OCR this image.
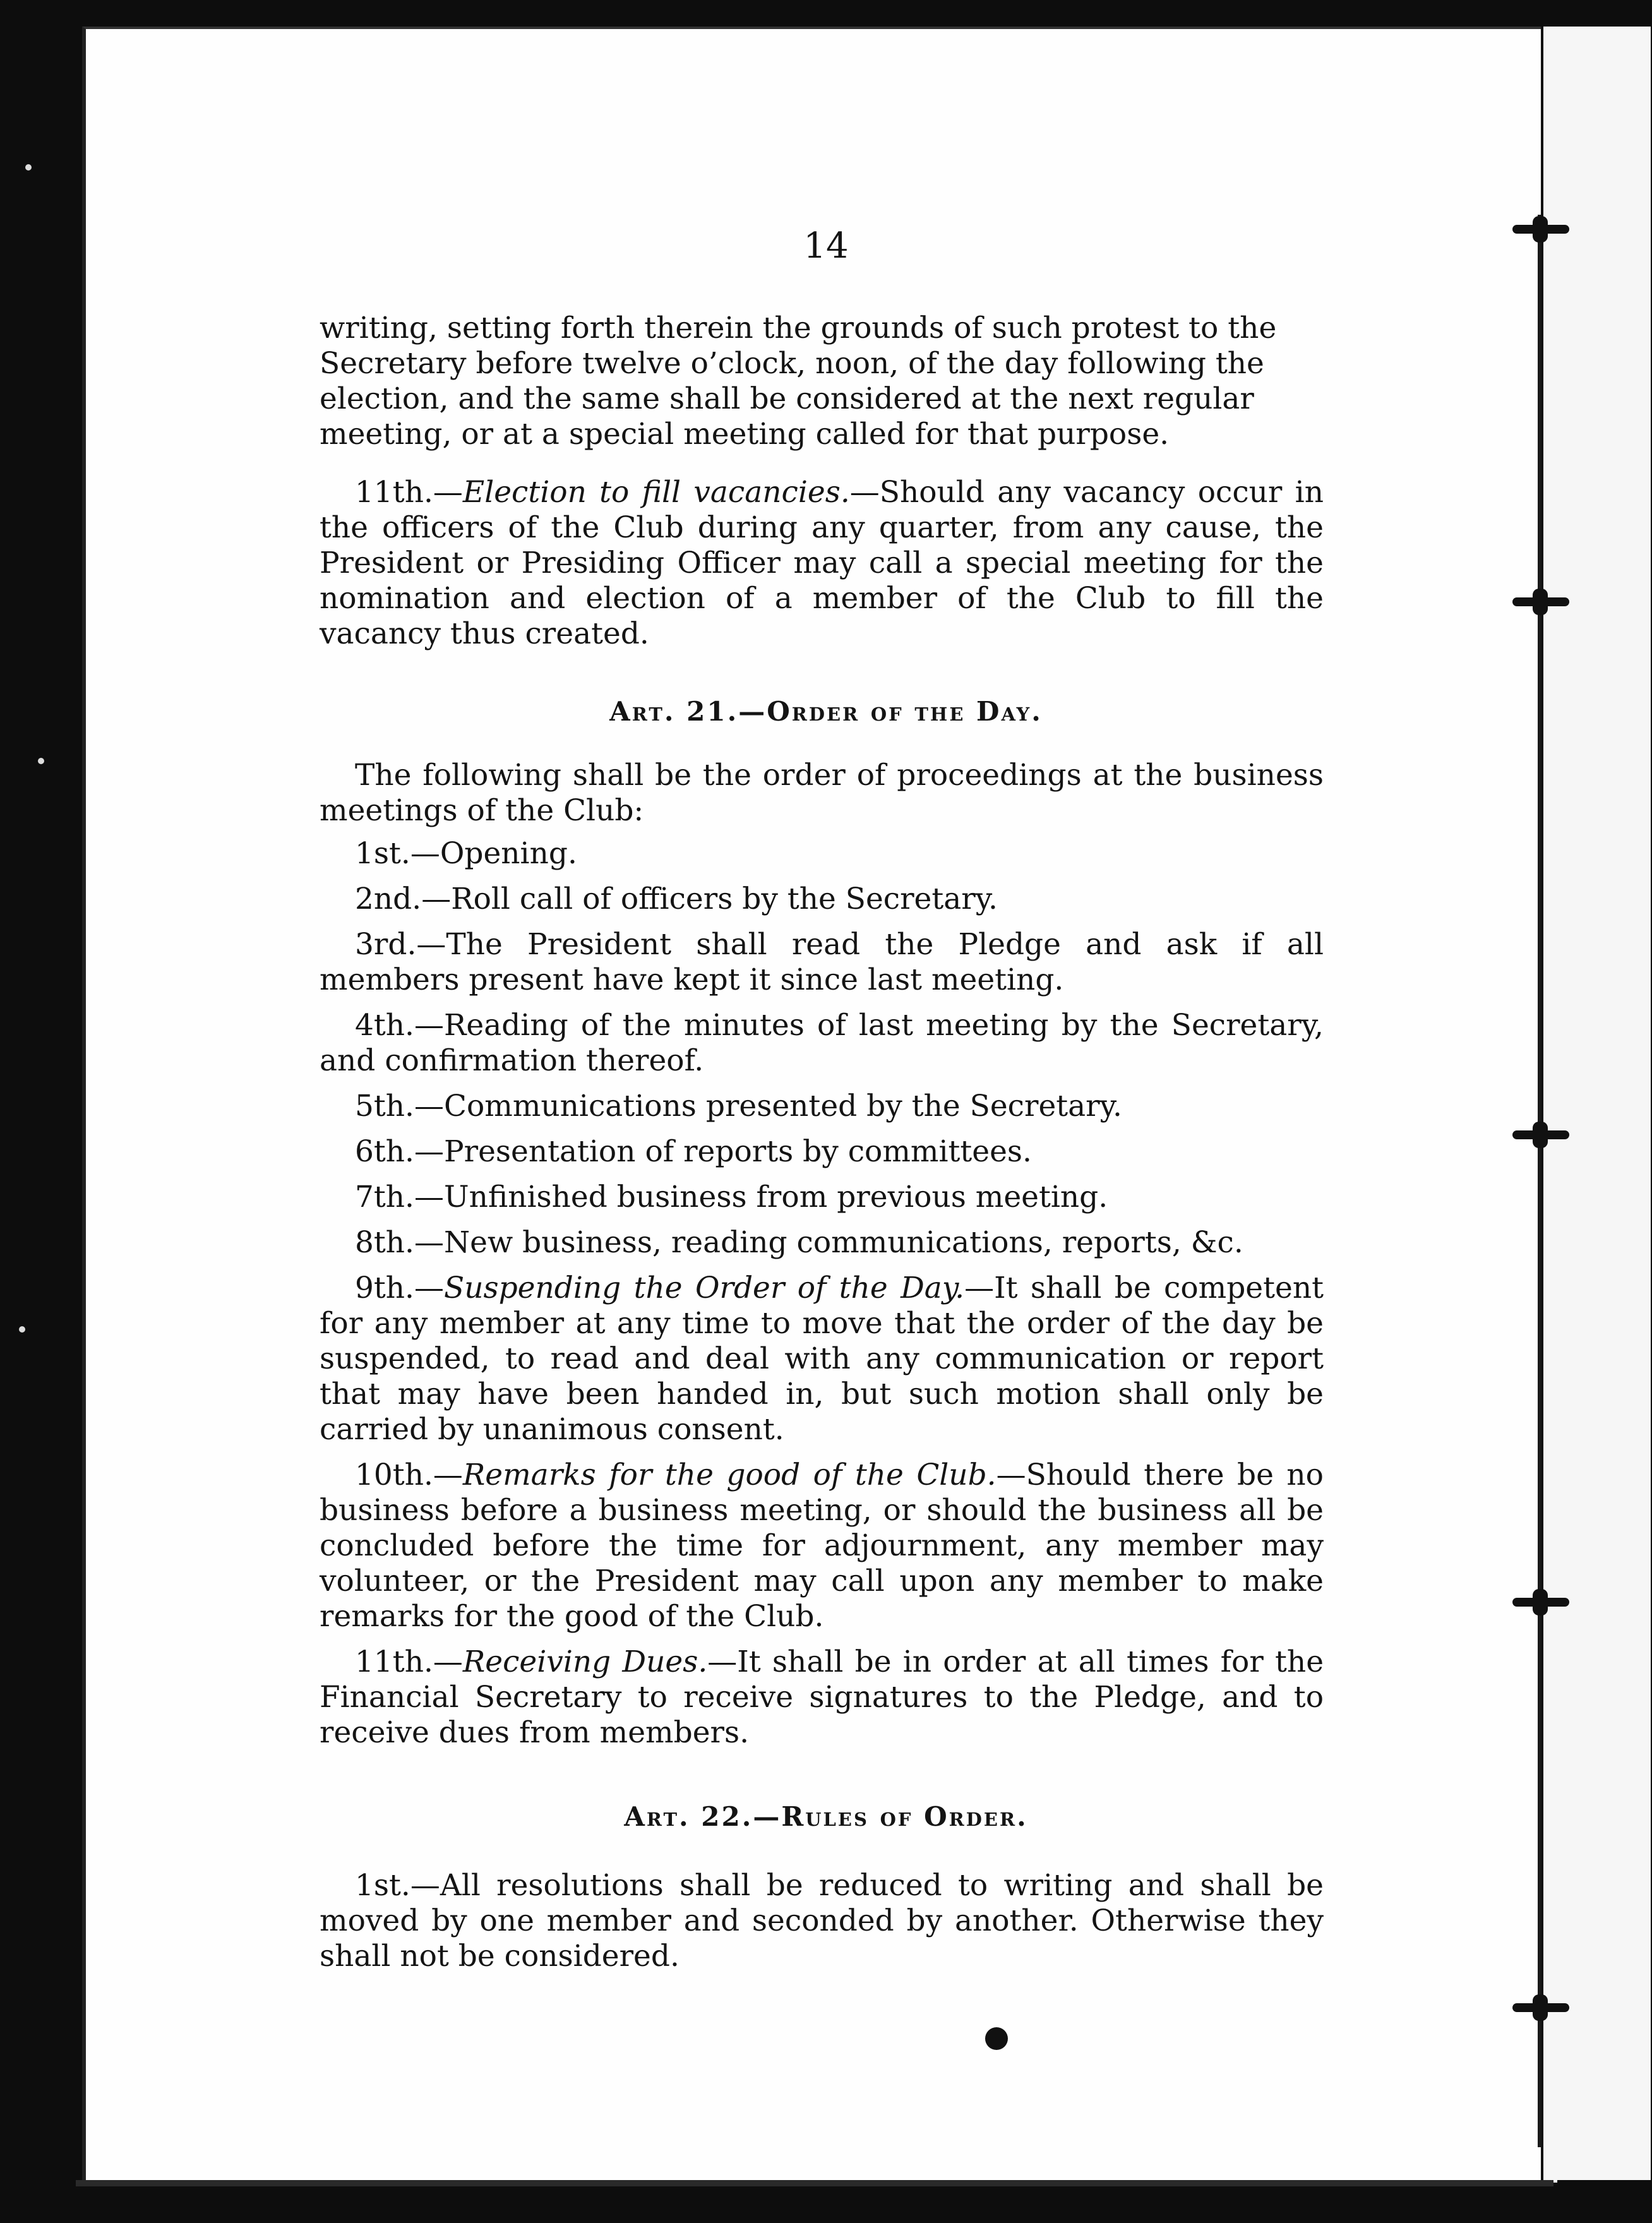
14

writing, setting forth therein the grounds of such protest to the

Secretary before twelve o’clock, noon, of the day following the

election, and the same shall be considered at the next regular

meeting, or at a special meeting called for that purpose.

11th.—Election to fill vacancies.—Should any vacancy occur in the officers of the Club during any quarter, from any cause, the President or Presiding Officer may call a special meeting for the nomination and election of a member of the Club to fill the vacancy thus created.

Art. 21.—Order of the Day.

The following shall be the order of proceedings at the business meetings of the Club:

1st.—Opening.

2nd.—Roll call of officers by the Secretary.

3rd.—The President shall read the Pledge and ask if all members present have kept it since last meeting.

4th.—Reading of the minutes of last meeting by the Secretary, and confirmation thereof.

5th.—Communications presented by the Secretary.

6th.—Presentation of reports by committees.

7th.—Unfinished business from previous meeting.

8th.—New business, reading communications, reports, &c.

9th.—Suspending the Order of the Day.—It shall be competent for any member at any time to move that the order of the day be suspended, to read and deal with any communication or report that may have been handed in, but such motion shall only be carried by unanimous consent.

10th.—Remarks for the good of the Club.—Should there be no business before a business meeting, or should the business all be concluded before the time for adjournment, any member may volunteer, or the President may call upon any member to make remarks for the good of the Club.

11th.—Receiving Dues.—It shall be in order at all times for the Financial Secretary to receive signatures to the Pledge, and to receive dues from members.

Art. 22.—Rules of Order.

1st.—All resolutions shall be reduced to writing and shall be moved by one member and seconded by another. Otherwise they shall not be considered.
